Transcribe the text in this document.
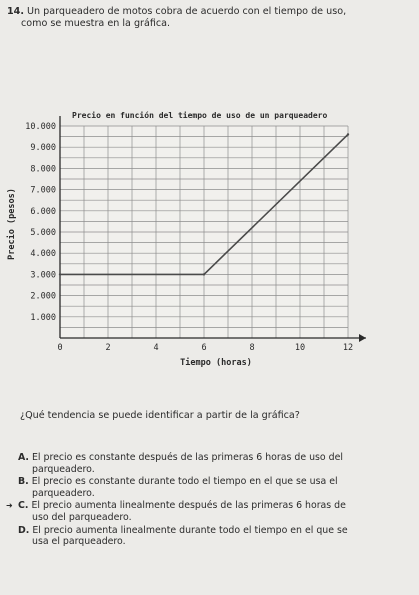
14. Un parqueadero de motos cobra de acuerdo con el tiempo de uso,
como se muestra en la gráfica.
0	2	4	6	8	10	12
1.000
2.000
3.000
4.000
5.000
6.000
7.000
8.000
9.000
10.000
Precio en función del tiempo de uso de un parqueadero
Tiempo (horas)
Precio (pesos)
¿Qué tendencia se puede identificar a partir de la gráfica?
A. El precio es constante después de las primeras 6 horas de uso del
parqueadero.
B. El precio es constante durante todo el tiempo en el que se usa el
parqueadero.
➜ C. El precio aumenta linealmente después de las primeras 6 horas de
uso del parqueadero.
D. El precio aumenta linealmente durante todo el tiempo en el que se
usa el parqueadero.
